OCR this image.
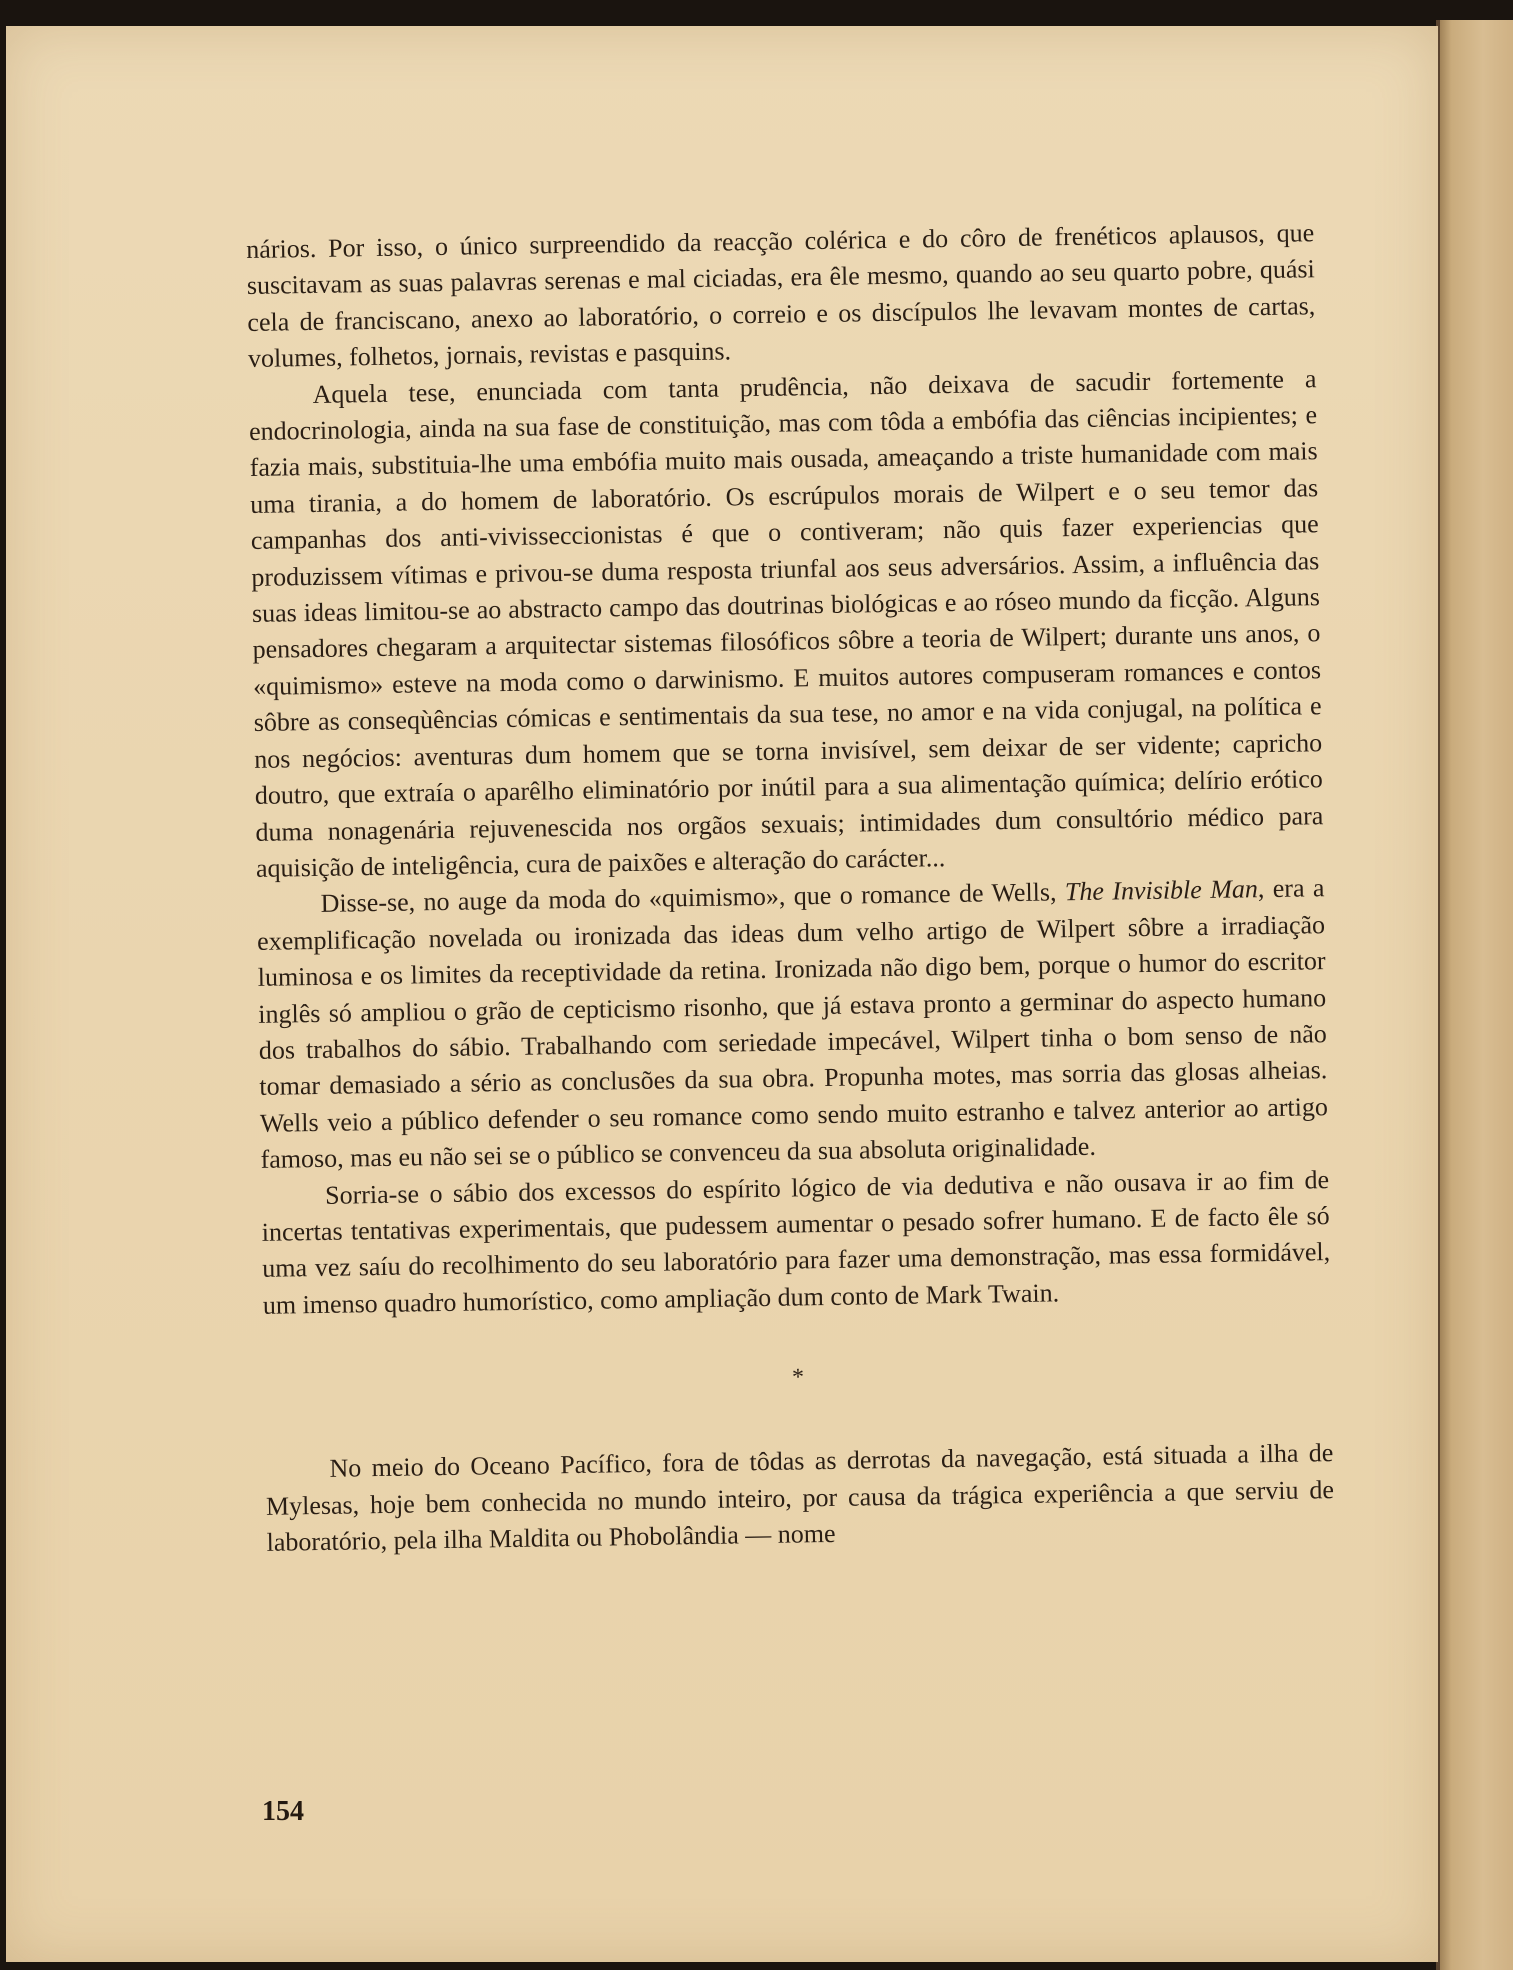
nários. Por isso, o único surpreendido da reacção colérica e do côro de frenéticos aplausos, que suscitavam as suas palavras serenas e mal ciciadas, era êle mesmo, quando ao seu quarto pobre, quási cela de franciscano, anexo ao laboratório, o correio e os discípulos lhe levavam montes de cartas, volumes, folhetos, jornais, revistas e pasquins.

Aquela tese, enunciada com tanta prudência, não deixava de sacudir fortemente a endocrinologia, ainda na sua fase de constituição, mas com tôda a embófia das ciências incipientes; e fazia mais, substituia-lhe uma embófia muito mais ousada, ameaçando a triste humanidade com mais uma tirania, a do homem de laboratório. Os escrúpulos morais de Wilpert e o seu temor das campanhas dos anti-vivisseccionistas é que o contiveram; não quis fazer experiencias que produzissem vítimas e privou-se duma resposta triunfal aos seus adversários. Assim, a influência das suas ideas limitou-se ao abstracto campo das doutrinas biológicas e ao róseo mundo da ficção. Alguns pensadores chegaram a arquitectar sistemas filosóficos sôbre a teoria de Wilpert; durante uns anos, o «quimismo» esteve na moda como o darwinismo. E muitos autores compuseram romances e contos sôbre as conseqùências cómicas e sentimentais da sua tese, no amor e na vida conjugal, na política e nos negócios: aventuras dum homem que se torna invisível, sem deixar de ser vidente; capricho doutro, que extraía o aparêlho eliminatório por inútil para a sua alimentação química; delírio erótico duma nonagenária rejuvenescida nos orgãos sexuais; intimidades dum consultório médico para aquisição de inteligência, cura de paixões e alteração do carácter...

Disse-se, no auge da moda do «quimismo», que o romance de Wells, The Invisible Man, era a exemplificação novelada ou ironizada das ideas dum velho artigo de Wilpert sôbre a irradiação luminosa e os limites da receptividade da retina. Ironizada não digo bem, porque o humor do escritor inglês só ampliou o grão de cepticismo risonho, que já estava pronto a germinar do aspecto humano dos trabalhos do sábio. Trabalhando com seriedade impecável, Wilpert tinha o bom senso de não tomar demasiado a sério as conclusões da sua obra. Propunha motes, mas sorria das glosas alheias. Wells veio a público defender o seu romance como sendo muito estranho e talvez anterior ao artigo famoso, mas eu não sei se o público se convenceu da sua absoluta originalidade.

Sorria-se o sábio dos excessos do espírito lógico de via dedutiva e não ousava ir ao fim de incertas tentativas experimentais, que pudessem aumentar o pesado sofrer humano. E de facto êle só uma vez saíu do recolhimento do seu laboratório para fazer uma demonstração, mas essa formidável, um imenso quadro humorístico, como ampliação dum conto de Mark Twain.

*

No meio do Oceano Pacífico, fora de tôdas as derrotas da navegação, está situada a ilha de Mylesas, hoje bem conhecida no mundo inteiro, por causa da trágica experiência a que serviu de laboratório, pela ilha Maldita ou Phobolândia — nome

154
